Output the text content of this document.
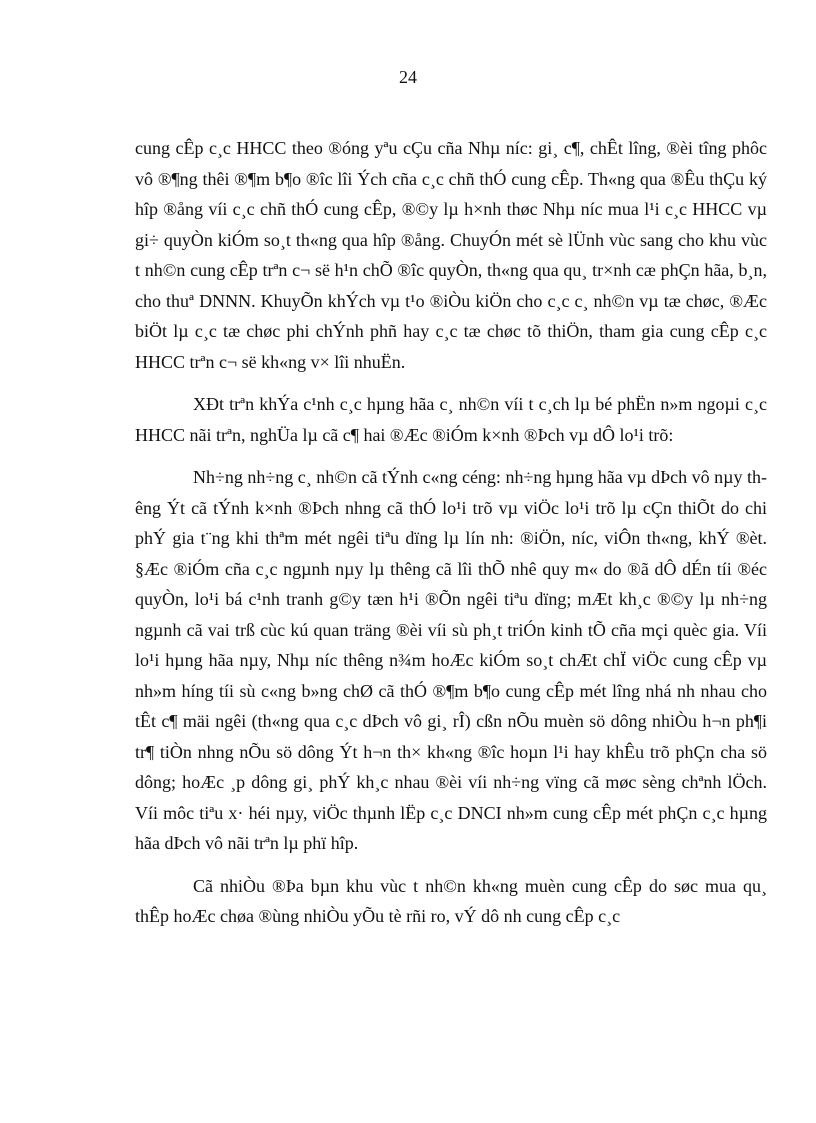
24

cung cÊp c¸c HHCC theo ®óng yªu cÇu cña Nhµ níc: gi¸ c¶, chÊt lîng, ®èi tîng phôc vô ®¶ng thêi ®¶m b¶o ®îc lîi Ých cña c¸c chñ thÓ cung cÊp. Th«ng qua ®Êu thÇu ký hîp ®ång víi c¸c chñ thÓ cung cÊp, ®©y lµ h×nh thøc Nhµ níc mua l¹i c¸c HHCC vµ gi÷ quyÒn kiÓm so¸t th«ng qua hîp ®ång. ChuyÓn mét sè lÜnh vùc sang cho khu vùc t nh©n cung cÊp trªn c¬ së h¹n chÕ ®îc quyÒn, th«ng qua qu¸ tr×nh cæ phÇn hãa, b¸n, cho thuª DNNN. KhuyÕn khÝch vµ t¹o ®iÒu kiÖn cho c¸c c¸ nh©n vµ tæ chøc, ®Æc biÖt lµ c¸c tæ chøc phi chÝnh phñ hay c¸c tæ chøc tõ thiÖn, tham gia cung cÊp c¸c HHCC trªn c¬ së kh«ng v× lîi nhuËn.

XÐt trªn khÝa c¹nh c¸c hµng hãa c¸ nh©n víi t c¸ch lµ bé phËn n»m ngoµi c¸c HHCC nãi trªn, nghÜa lµ cã c¶ hai ®Æc ®iÓm k×nh ®Þch vµ dÔ lo¹i trõ:

Nh÷ng nh÷ng c¸ nh©n cã tÝnh c«ng céng: nh÷ng hµng hãa vµ dÞch vô nµy thêng Ýt cã tÝnh k×nh ®Þch nhng cã thÓ lo¹i trõ vµ viÖc lo¹i trõ lµ cÇn thiÕt do chi phÝ gia t¨ng khi thªm mét ngêi tiªu dïng lµ lín nh: ®iÖn, níc, viÔn th«ng, khÝ ®èt. §Æc ®iÓm cña c¸c ngµnh nµy lµ thêng cã lîi thÕ nhê quy m« do ®ã dÔ dÉn tíi ®éc quyÒn, lo¹i bá c¹nh tranh g©y tæn h¹i ®Õn ngêi tiªu dïng; mÆt kh¸c ®©y lµ nh÷ng ngµnh cã vai trß cùc kú quan träng ®èi víi sù ph¸t triÓn kinh tÕ cña mçi quèc gia. Víi lo¹i hµng hãa nµy, Nhµ níc thêng n¾m hoÆc kiÓm so¸t chÆt chÏ viÖc cung cÊp vµ nh»m híng tíi sù c«ng b»ng chØ cã thÓ ®¶m b¶o cung cÊp mét lîng nhá nh nhau cho tÊt c¶ mäi ngêi (th«ng qua c¸c dÞch vô gi¸ rÎ) cßn nÕu muèn sö dông nhiÒu h¬n ph¶i tr¶ tiÒn nhng nÕu sö dông Ýt h¬n th× kh«ng ®îc hoµn l¹i hay khÊu trõ phÇn cha sö dông; hoÆc ¸p dông gi¸ phÝ kh¸c nhau ®èi víi nh÷ng vïng cã møc sèng chªnh lÖch. Víi môc tiªu x· héi nµy, viÖc thµnh lËp c¸c DNCI nh»m cung cÊp mét phÇn c¸c hµng hãa dÞch vô nãi trªn lµ phï hîp.

Cã nhiÒu ®Þa bµn khu vùc t nh©n kh«ng muèn cung cÊp do søc mua qu¸ thÊp hoÆc chøa ®ùng nhiÒu yÕu tè rñi ro, vÝ dô nh cung cÊp c¸c
